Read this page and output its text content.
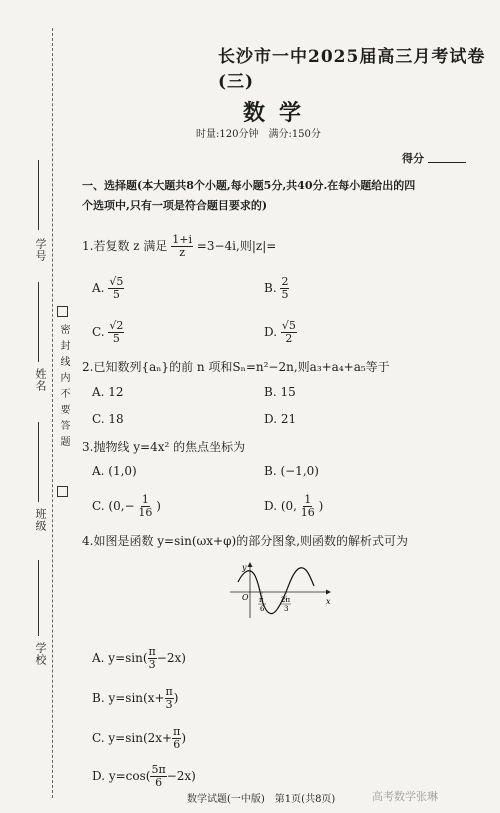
学号
姓名
班级
学校
密封线内不要答题
长沙市一中2025届高三月考试卷(三)
数学
时量:120分钟　满分:150分
得分
一、选择题(本大题共8个小题,每小题5分,共40分.在每小题给出的四
个选项中,只有一项是符合题目要求的)
1.若复数 z 满足 $\frac{1+i}{z} =3-4i$,则|z|=
A. $\frac{√5}{5}$	B. $\frac{2}{5}$
C. $\frac{√2}{5}$	D. $\frac{√5}{2}$
2.已知数列{aₙ}的前 n 项和Sₙ=n²−2n,则a₃+a₄+a₅等于
A. 12	B. 15
C. 18	D. 21
3.抛物线 y=4x² 的焦点坐标为
A. (1,0)	B. (−1,0)
C. ($0,- \frac{1}{16}$ )	D. (0, $\frac{1}{16}$ )
4.如图是函数 y=sin(ωx+φ)的部分图象,则函数的解析式可为
y
x
O π
6
2π
3
A. $y=\sin( \frac{\pi}{3} -2x)$
B. $y=\sin(x+ \frac{\pi}{3}$ )
C. $y=\sin(2x+ \frac{\pi}{6}$ )
D. $y=\cos( \frac{5\pi}{6} -2x)$
数学试题(一中版)　第1页(共8页)	高考数学张琳
